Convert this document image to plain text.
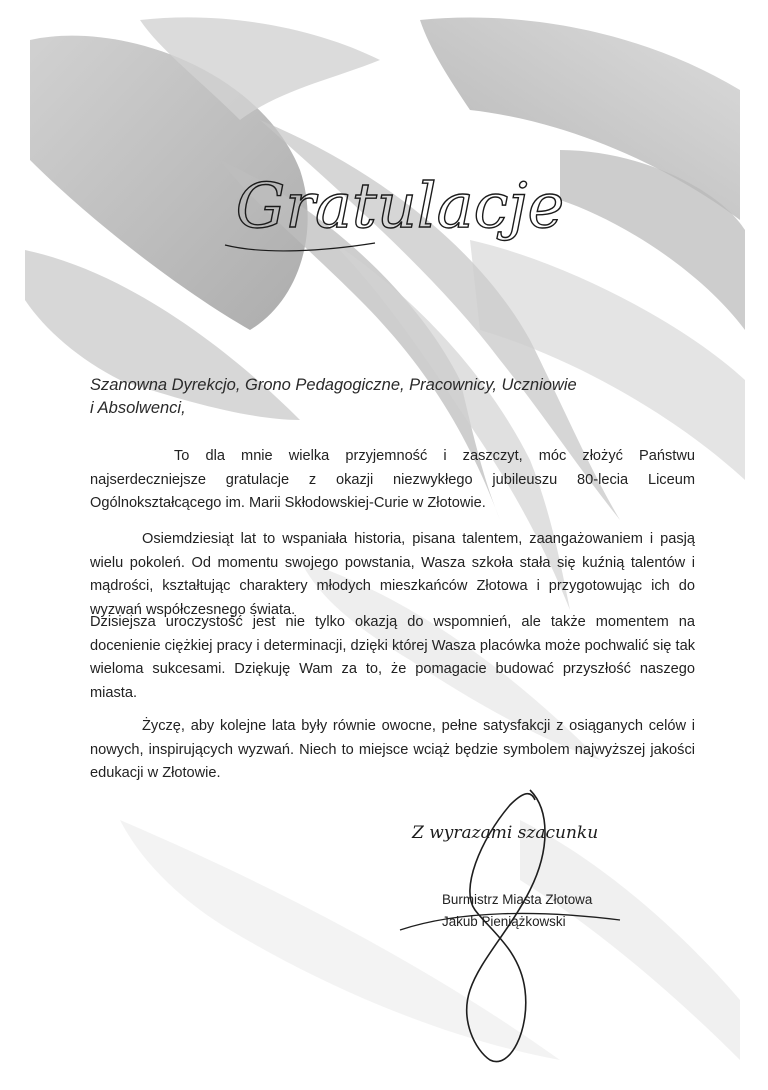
Gratulacje
Szanowna Dyrekcjo, Grono Pedagogiczne, Pracownicy, Uczniowie
i Absolwenci,

To dla mnie wielka przyjemność i zaszczyt, móc złożyć Państwu najserdeczniejsze gratulacje z okazji niezwykłego jubileuszu 80-lecia Liceum Ogólnokształcącego im. Marii Skłodowskiej-Curie w Złotowie.

Osiemdziesiąt lat to wspaniała historia, pisana talentem, zaangażowaniem i pasją wielu pokoleń. Od momentu swojego powstania, Wasza szkoła stała się kuźnią talentów i mądrości, kształtując charaktery młodych mieszkańców Złotowa i przygotowując ich do wyzwań współczesnego świata.

Dzisiejsza uroczystość jest nie tylko okazją do wspomnień, ale także momentem na docenienie ciężkiej pracy i determinacji, dzięki której Wasza placówka może pochwalić się tak wieloma sukcesami. Dziękuję Wam za to, że pomagacie budować przyszłość naszego miasta.

Życzę, aby kolejne lata były równie owocne, pełne satysfakcji z osiąganych celów i nowych, inspirujących wyzwań. Niech to miejsce wciąż będzie symbolem najwyższej jakości edukacji w Złotowie.

Z wyrazami szacunku
Burmistrz Miasta Złotowa
Jakub Pieniążkowski
